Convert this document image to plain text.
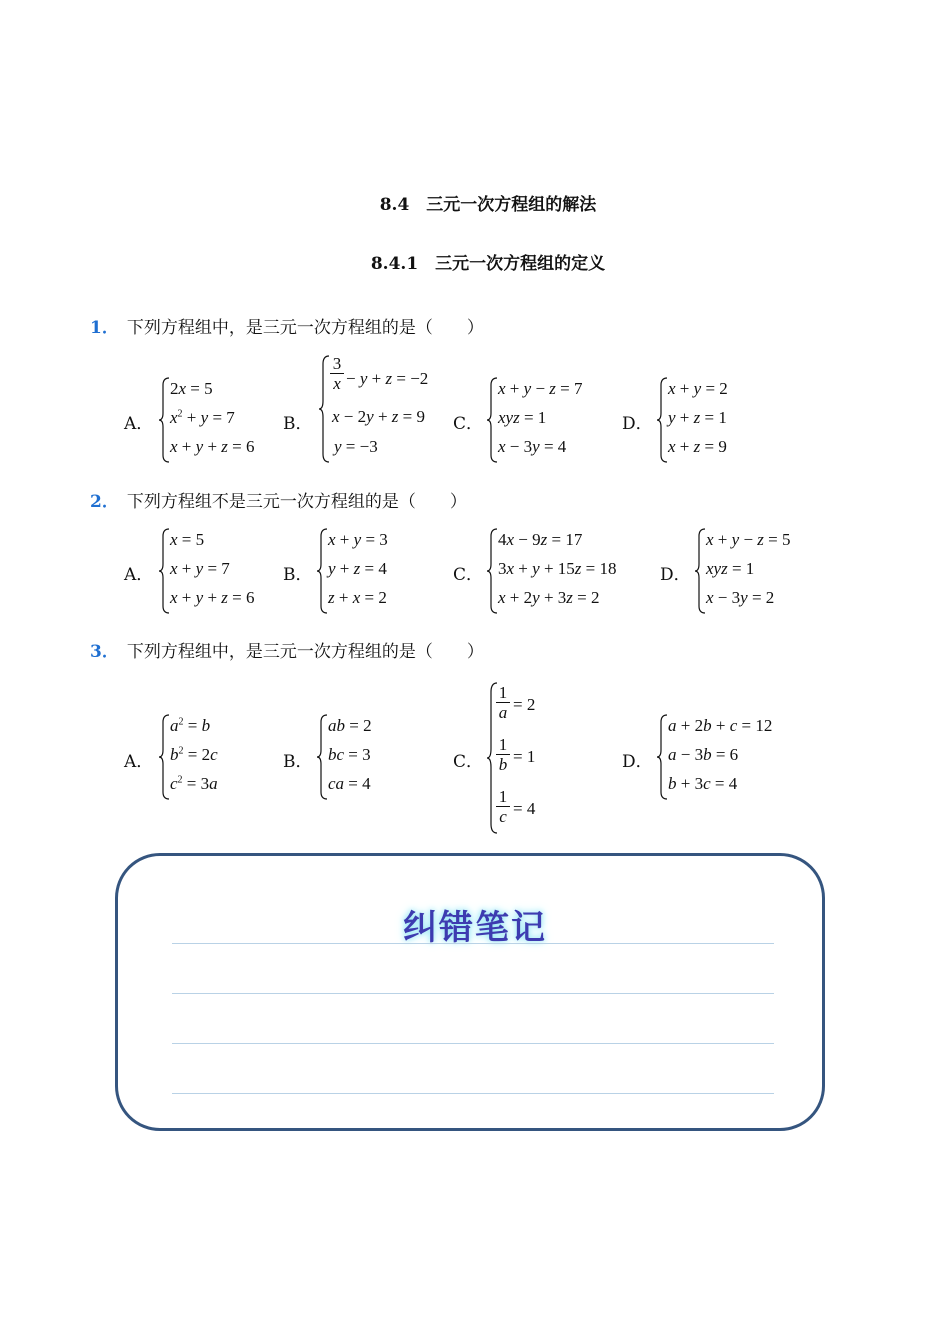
8.4　三元一次方程组的解法
8.4.1　三元一次方程组的定义
1． 下列方程组中，是三元一次方程组的是（　　）
A．
2x = 5
$x^2 + y = 7$
x + y + z = 6
B．
3
x − y + z = −2
x − 2y + z = 9
y = −3
C．
x + y − z = 7
xyz = 1
x − 3y = 4
D．
x + y = 2
y + z = 1
x + z = 9
2． 下列方程组不是三元一次方程组的是（　　）
A．
x = 5
x + y = 7
x + y + z = 6
B．
x + y = 3
y + z = 4
z + x = 2
C．
4x − 9z = 17
3x + y + 15z = 18
x + 2y + 3z = 2
D．
x + y − z = 5
xyz = 1
x − 3y = 2
3． 下列方程组中，是三元一次方程组的是（　　）
A．
$a^2 = b$
$b^2 = 2c$
$c^2 = 3a$
B．
ab = 2
bc = 3
ca = 4
C．
1
a = 2
1
b = 1
1
c = 4
D．
a + 2b + c = 12
a − 3b = 6
b + 3c = 4
纠错笔记
